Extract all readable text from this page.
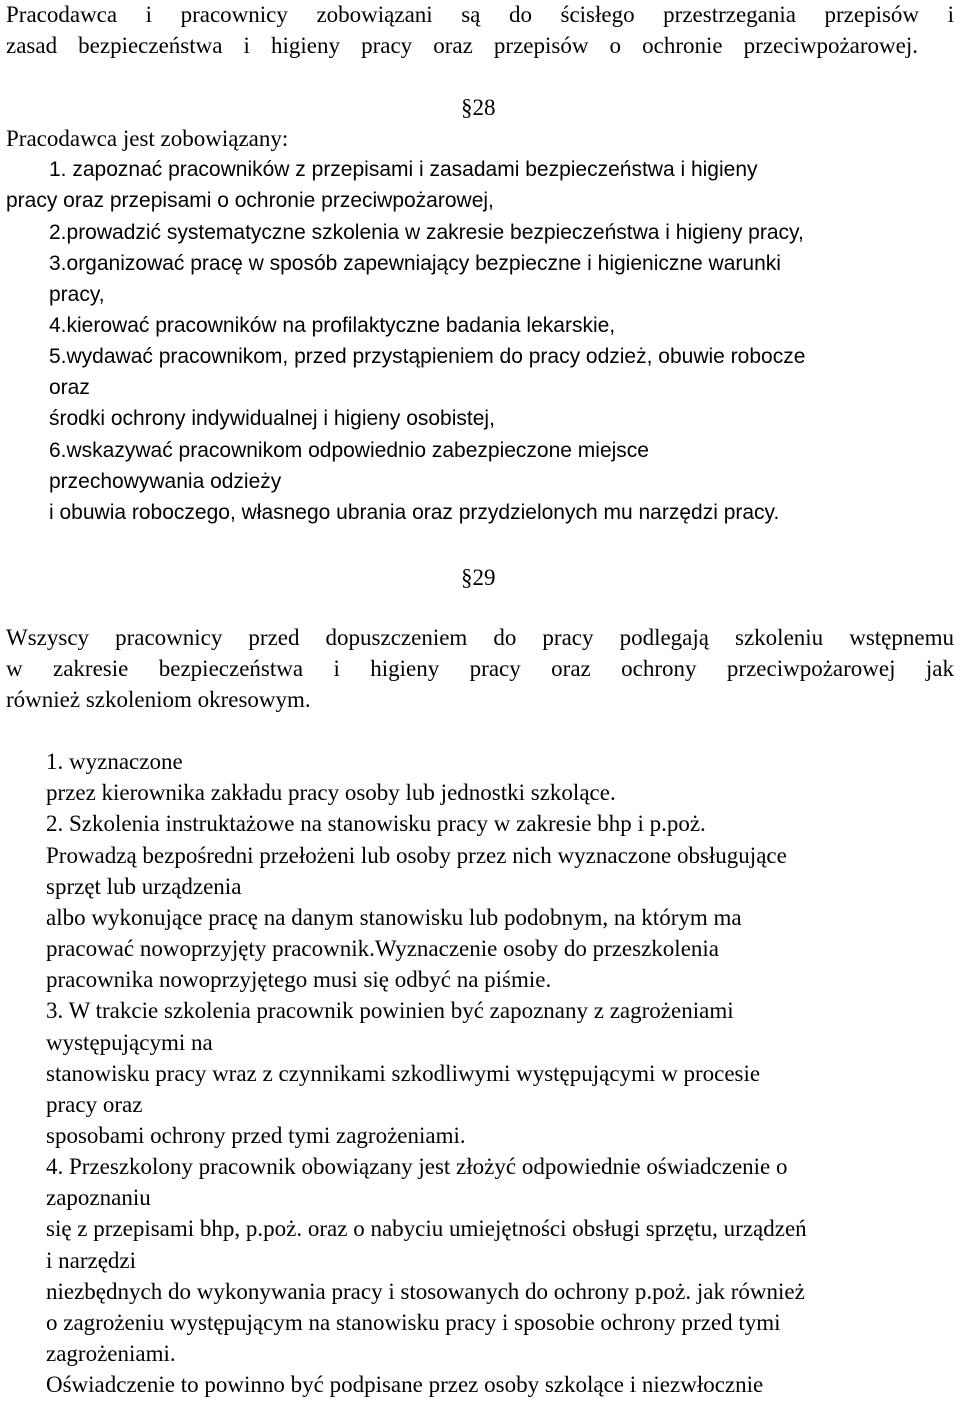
Pracodawca i pracownicy zobowiązani są do ścisłego przestrzegania przepisów i
zasad bezpieczeństwa i higieny pracy oraz przepisów o ochronie przeciwpożarowej.
§28
Pracodawca jest zobowiązany:
1. zapoznać pracowników z przepisami i zasadami bezpieczeństwa i higieny
pracy oraz przepisami o ochronie przeciwpożarowej,
2.prowadzić systematyczne szkolenia w zakresie bezpieczeństwa i higieny pracy,
3.organizować pracę w sposób zapewniający bezpieczne i higieniczne warunki
pracy,
4.kierować pracowników na profilaktyczne badania lekarskie,
5.wydawać pracownikom, przed przystąpieniem do pracy odzież, obuwie robocze
oraz
środki ochrony indywidualnej i higieny osobistej,
6.wskazywać pracownikom odpowiednio zabezpieczone miejsce
przechowywania odzieży
i obuwia roboczego, własnego ubrania oraz przydzielonych mu narzędzi pracy.
§29
Wszyscy pracownicy przed dopuszczeniem do pracy podlegają szkoleniu wstępnemu
w zakresie bezpieczeństwa i higieny pracy oraz ochrony przeciwpożarowej jak
również szkoleniom okresowym.
1. wyznaczone
przez kierownika zakładu pracy osoby lub jednostki szkolące.
2. Szkolenia instruktażowe na stanowisku pracy w zakresie bhp i p.poż.
Prowadzą bezpośredni przełożeni lub osoby przez nich wyznaczone obsługujące
sprzęt lub urządzenia
albo wykonujące pracę na danym stanowisku lub podobnym, na którym ma
pracować nowoprzyjęty pracownik.Wyznaczenie osoby do przeszkolenia
pracownika nowoprzyjętego musi się odbyć na piśmie.
3. W trakcie szkolenia pracownik powinien być zapoznany z zagrożeniami
występującymi na
stanowisku pracy wraz z czynnikami szkodliwymi występującymi w procesie
pracy oraz
sposobami ochrony przed tymi zagrożeniami.
4. Przeszkolony pracownik obowiązany jest złożyć odpowiednie oświadczenie o
zapoznaniu
się z przepisami bhp, p.poż. oraz o nabyciu umiejętności obsługi sprzętu, urządzeń
i narzędzi
niezbędnych do wykonywania pracy i stosowanych do ochrony p.poż. jak również
o zagrożeniu występującym na stanowisku pracy i sposobie ochrony przed tymi
zagrożeniami.
Oświadczenie to powinno być podpisane przez osoby szkolące i niezwłocznie
